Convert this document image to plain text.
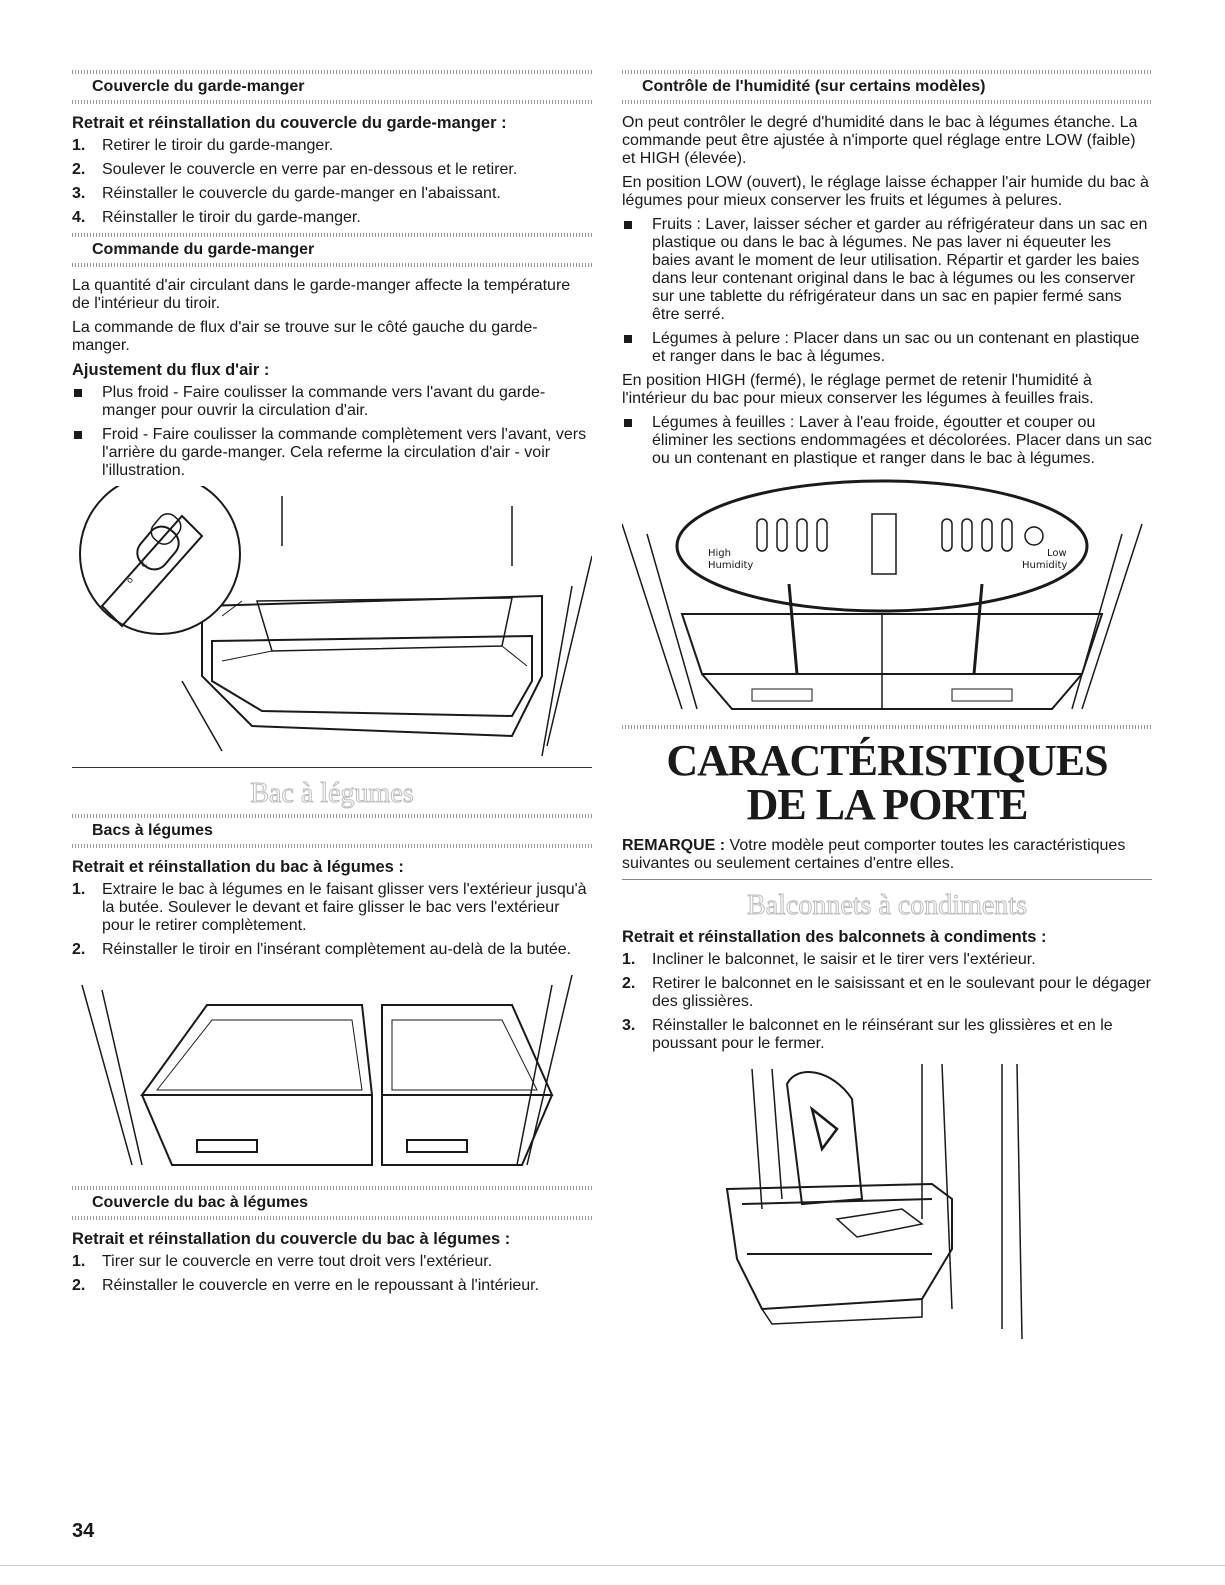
Couvercle du garde-manger
Retrait et réinstallation du couvercle du garde-manger :
1. Retirer le tiroir du garde-manger.
2. Soulever le couvercle en verre par en-dessous et le retirer.
3. Réinstaller le couvercle du garde-manger en l'abaissant.
4. Réinstaller le tiroir du garde-manger.
Commande du garde-manger

La quantité d'air circulant dans le garde-manger affecte la température de l'intérieur du tiroir.

La commande de flux d'air se trouve sur le côté gauche du garde-manger.

Ajustement du flux d'air :
Plus froid - Faire coulisser la commande vers l'avant du garde-manger pour ouvrir la circulation d'air.
Froid - Faire coulisser la commande complètement vers l'avant, vers l'arrière du garde-manger. Cela referme la circulation d'air - voir l'illustration.
o
c
Bac à légumes
Bacs à légumes
Retrait et réinstallation du bac à légumes :
1. Extraire le bac à légumes en le faisant glisser vers l'extérieur jusqu'à la butée. Soulever le devant et faire glisser le bac vers l'extérieur pour le retirer complètement.
2. Réinstaller le tiroir en l'insérant complètement au-delà de la butée.
Couvercle du bac à légumes
Retrait et réinstallation du couvercle du bac à légumes :
1. Tirer sur le couvercle en verre tout droit vers l'extérieur.
2. Réinstaller le couvercle en verre en le repoussant à l'intérieur.
Contrôle de l'humidité (sur certains modèles)

On peut contrôler le degré d'humidité dans le bac à légumes étanche. La commande peut être ajustée à n'importe quel réglage entre LOW (faible) et HIGH (élevée).

En position LOW (ouvert), le réglage laisse échapper l'air humide du bac à légumes pour mieux conserver les fruits et légumes à pelures.

Fruits : Laver, laisser sécher et garder au réfrigérateur dans un sac en plastique ou dans le bac à légumes. Ne pas laver ni équeuter les baies avant le moment de leur utilisation. Répartir et garder les baies dans leur contenant original dans le bac à légumes ou les conserver sur une tablette du réfrigérateur dans un sac en papier fermé sans être serré.
Légumes à pelure : Placer dans un sac ou un contenant en plastique et ranger dans le bac à légumes.

En position HIGH (fermé), le réglage permet de retenir l'humidité à l'intérieur du bac pour mieux conserver les légumes à feuilles frais.

Légumes à feuilles : Laver à l'eau froide, égoutter et couper ou éliminer les sections endommagées et décolorées. Placer dans un sac ou un contenant en plastique et ranger dans le bac à légumes.
High
Humidity
Low
Humidity
CARACTÉRISTIQUES
DE LA PORTE

REMARQUE : Votre modèle peut comporter toutes les caractéristiques suivantes ou seulement certaines d'entre elles.

Balconnets à condiments
Retrait et réinstallation des balconnets à condiments :
1. Incliner le balconnet, le saisir et le tirer vers l'extérieur.
2. Retirer le balconnet en le saisissant et en le soulevant pour le dégager des glissières.
3. Réinstaller le balconnet en le réinsérant sur les glissières et en le poussant pour le fermer.
34
